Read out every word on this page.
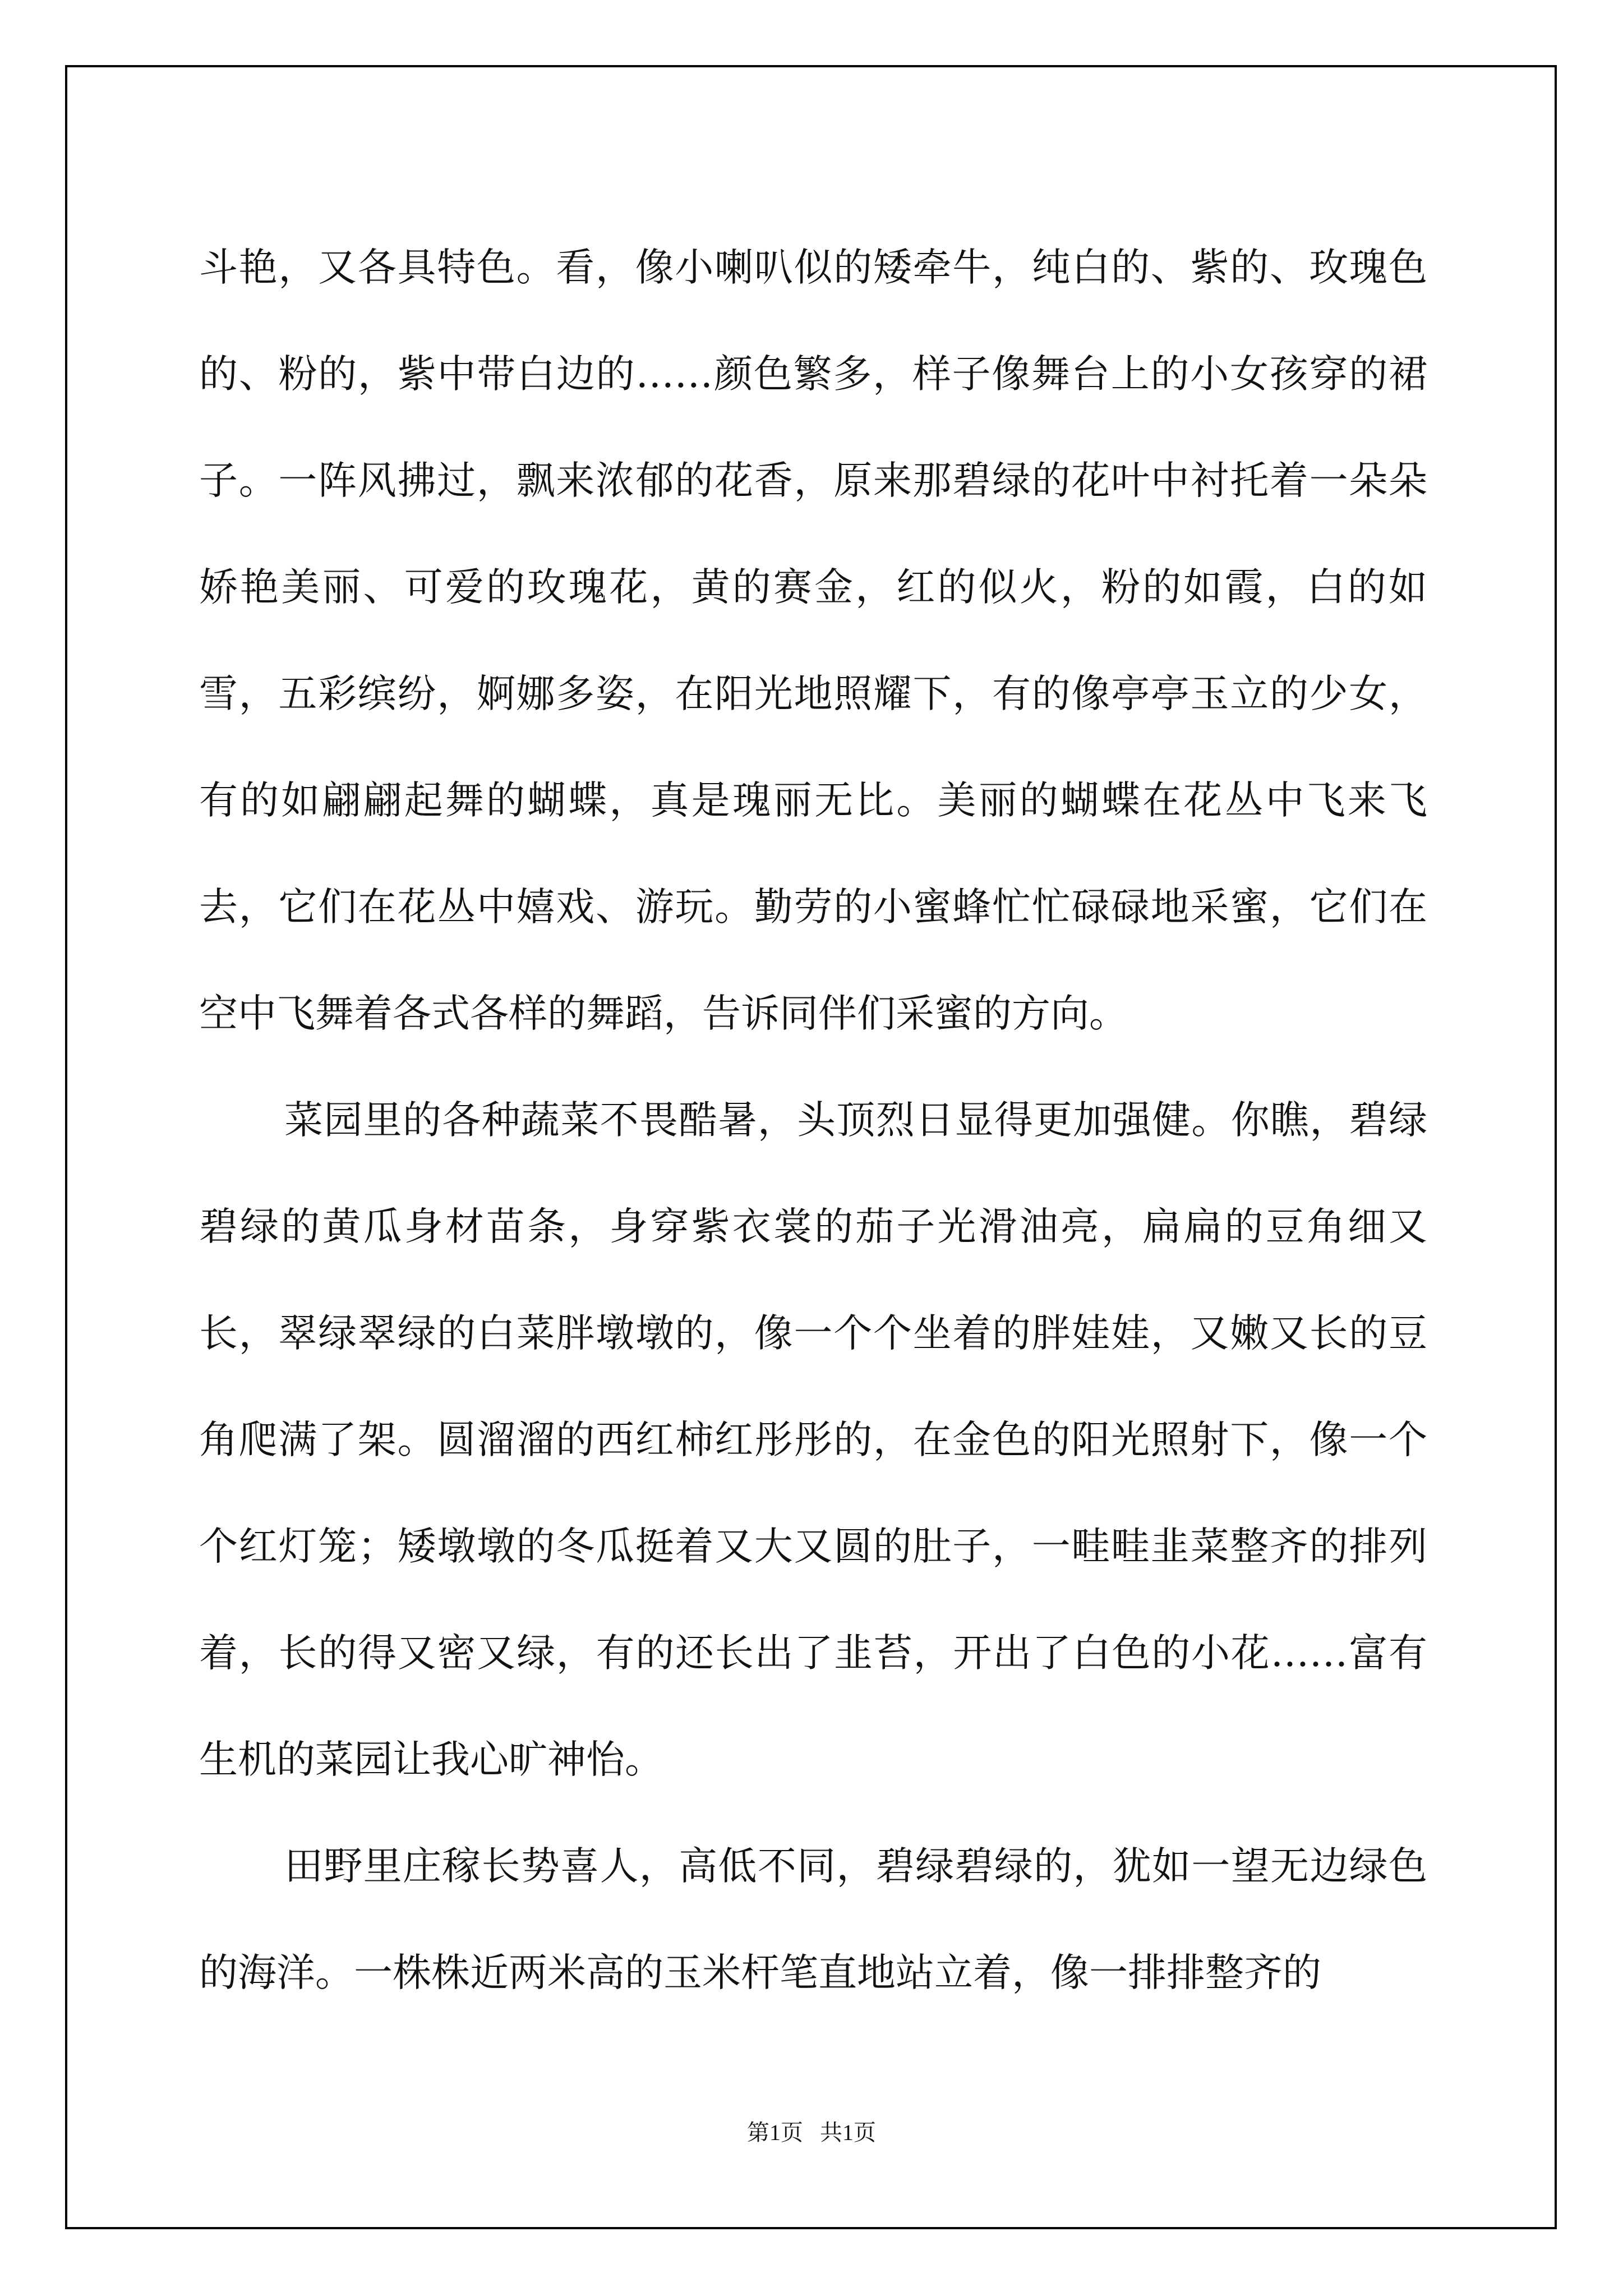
斗艳，又各具特色。看，像小喇叭似的矮牵牛，纯白的、紫的、玫瑰色的、粉的，紫中带白边的……颜色繁多，样子像舞台上的小女孩穿的裙子。一阵风拂过，飘来浓郁的花香，原来那碧绿的花叶中衬托着一朵朵娇艳美丽、可爱的玫瑰花，黄的赛金，红的似火，粉的如霞，白的如雪，五彩缤纷，婀娜多姿，在阳光地照耀下，有的像亭亭玉立的少女，有的如翩翩起舞的蝴蝶，真是瑰丽无比。美丽的蝴蝶在花丛中飞来飞去，它们在花丛中嬉戏、游玩。勤劳的小蜜蜂忙忙碌碌地采蜜，它们在空中飞舞着各式各样的舞蹈，告诉同伴们采蜜的方向。

菜园里的各种蔬菜不畏酷暑，头顶烈日显得更加强健。你瞧，碧绿碧绿的黄瓜身材苗条，身穿紫衣裳的茄子光滑油亮，扁扁的豆角细又长，翠绿翠绿的白菜胖墩墩的，像一个个坐着的胖娃娃，又嫩又长的豆角爬满了架。圆溜溜的西红柿红彤彤的，在金色的阳光照射下，像一个个红灯笼；矮墩墩的冬瓜挺着又大又圆的肚子，一畦畦韭菜整齐的排列着，长的得又密又绿，有的还长出了韭苔，开出了白色的小花……富有生机的菜园让我心旷神怡。

田野里庄稼长势喜人，高低不同，碧绿碧绿的，犹如一望无边绿色的海洋。一株株近两米高的玉米杆笔直地站立着，像一排排整齐的

第1页 共1页
